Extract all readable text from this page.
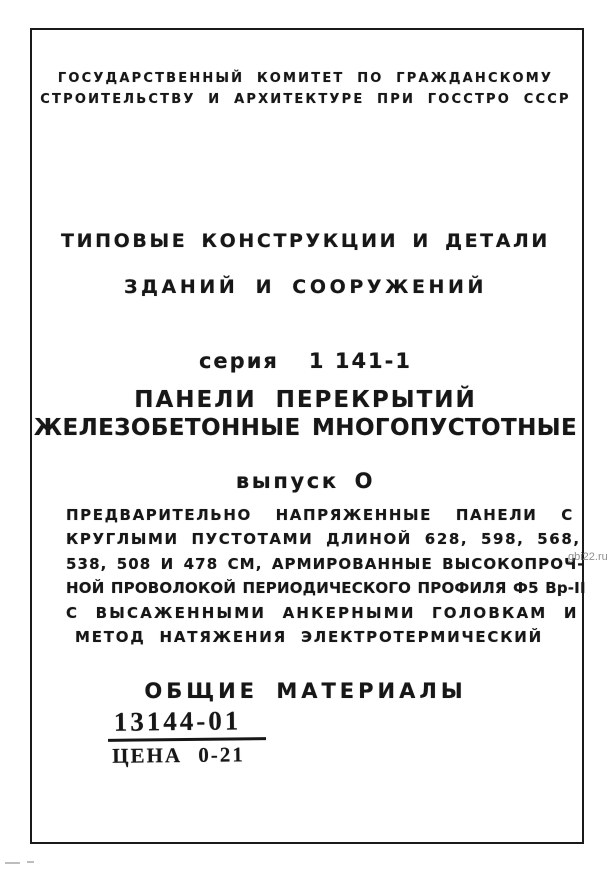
ГОСУДАРСТВЕННЫЙ КОМИТЕТ ПО ГРАЖДАНСКОМУ
СТРОИТЕЛЬСТВУ И АРХИТЕКТУРЕ ПРИ ГОССТРО СССР
ТИПОВЫЕ КОНСТРУКЦИИ И ДЕТАЛИ
ЗДАНИЙ И СООРУЖЕНИЙ
серия 1 141-1
ПАНЕЛИ ПЕРЕКРЫТИЙ
ЖЕЛЕЗОБЕТОННЫЕ МНОГОПУСТОТНЫЕ
выпуск О
ПРЕДВАРИТЕЛЬНО НАПРЯЖЕННЫЕ ПАНЕЛИ С
КРУГЛЫМИ ПУСТОТАМИ ДЛИНОЙ 628, 598, 568,
538, 508 И 478 СМ, АРМИРОВАННЫЕ ВЫСОКОПРОЧ-
НОЙ ПРОВОЛОКОЙ ПЕРИОДИЧЕСКОГО ПРОФИЛЯ Ф5 Вр-II
С ВЫСАЖЕННЫМИ АНКЕРНЫМИ ГОЛОВКАМ И
МЕТОД НАТЯЖЕНИЯ ЭЛЕКТРОТЕРМИЧЕСКИЙ
ОБЩИЕ МАТЕРИАЛЫ
13144-01
ЦЕНА 0-21
gbi22.ru
